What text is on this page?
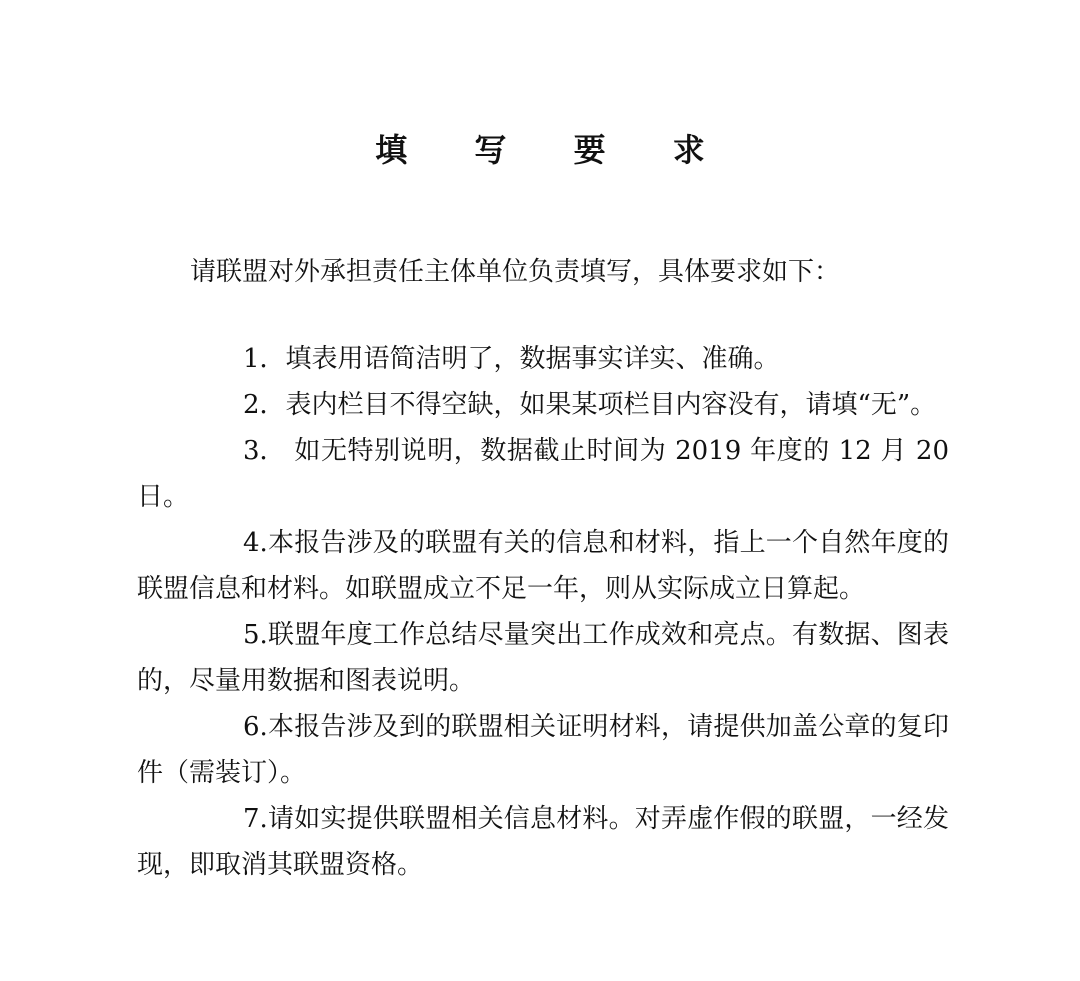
填 写 要 求
请联盟对外承担责任主体单位负责填写，具体要求如下：

1．填表用语简洁明了，数据事实详实、准确。

2．表内栏目不得空缺，如果某项栏目内容没有，请填“无”。

3． 如无特别说明，数据截止时间为 2019 年度的 12 月 20 日。

4.本报告涉及的联盟有关的信息和材料，指上一个自然年度的联盟信息和材料。如联盟成立不足一年，则从实际成立日算起。

5.联盟年度工作总结尽量突出工作成效和亮点。有数据、图表的，尽量用数据和图表说明。

6.本报告涉及到的联盟相关证明材料，请提供加盖公章的复印件（需装订）。

7.请如实提供联盟相关信息材料。对弄虚作假的联盟，一经发现，即取消其联盟资格。
